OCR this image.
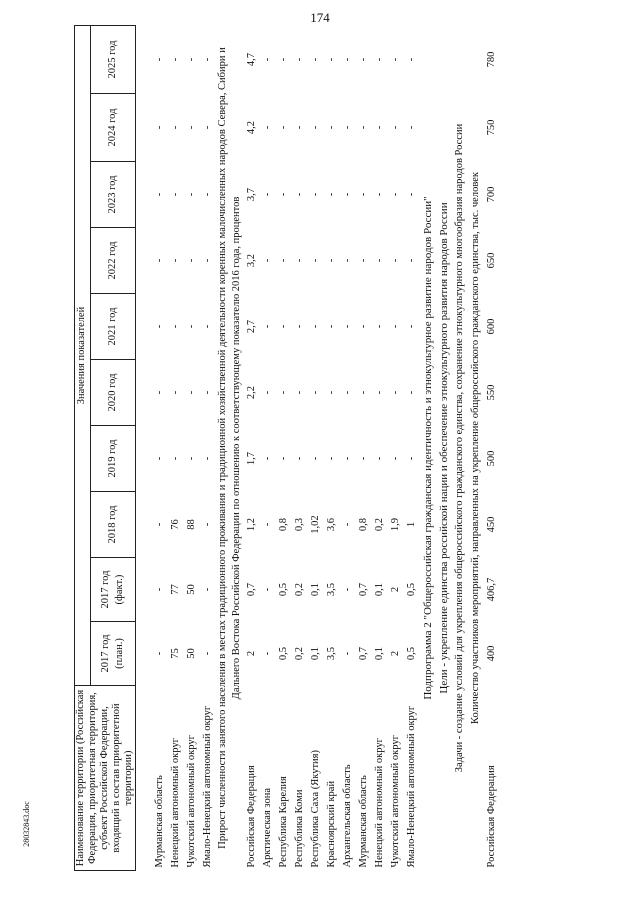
174
28032843.doc	Наименование территории (Российская Федерация, приоритетная территория, субъект Российской Федерации, входящий в состав приоритетной территории)	Значения показателей									
	2017 год (план.)	2017 год (факт.)	2018 год	2019 год	2020 год	2021 год	2022 год	2023 год	2024 год	2025 год

Мурманская область	-	-	-	-	-	-	-	-	-	-
Ненецкий автономный округ	75	77	76	-	-	-	-	-	-	-
Чукотский автономный округ	50	50	88	-	-	-	-	-	-	-
Ямало-Ненецкий автономный округ	-	-	-	-	-	-	-	-	-	-
Прирост численности занятого населения в местах традиционного проживания и традиционной хозяйственной деятельности коренных малочисленных народов Севера, Сибири и Дальнего Востока Российской Федерации по отношению к соответствующему показателю 2016 года, процентов										
Российская Федерация	2	0,7	1,2	1,7	2,2	2,7	3,2	3,7	4,2	4,7
Арктическая зона	-	-	-	-	-	-	-	-	-	-
Республика Карелия	0,5	0,5	0,8	-	-	-	-	-	-	-
Республика Коми	0,2	0,2	0,3	-	-	-	-	-	-	-
Республика Саха (Якутия)	0,1	0,1	1,02	-	-	-	-	-	-	-
Красноярский край	3,5	3,5	3,6	-	-	-	-	-	-	-
Архангельская область	-	-	-	-	-	-	-	-	-	-
Мурманская область	0,7	0,7	0,8	-	-	-	-	-	-	-
Ненецкий автономный округ	0,1	0,1	0,2	-	-	-	-	-	-	-
Чукотский автономный округ	2	2	1,9	-	-	-	-	-	-	-
Ямало-Ненецкий автономный округ	0,5	0,5	1	-	-	-	-	-	-	-
Подпрограмма 2 "Общероссийская гражданская идентичность и этнокультурное развитие народов России"										
Цели - укрепление единства российской нации и обеспечение этнокультурного развития народов России										
Задачи - создание условий для укрепления общероссийского гражданского единства, сохранение этнокультурного многообразия народов России										
Количество участников мероприятий, направленных на укрепление общероссийского гражданского единства, тыс. человек										
Российская Федерация	400	406,7	450	500	550	600	650	700	750	780
